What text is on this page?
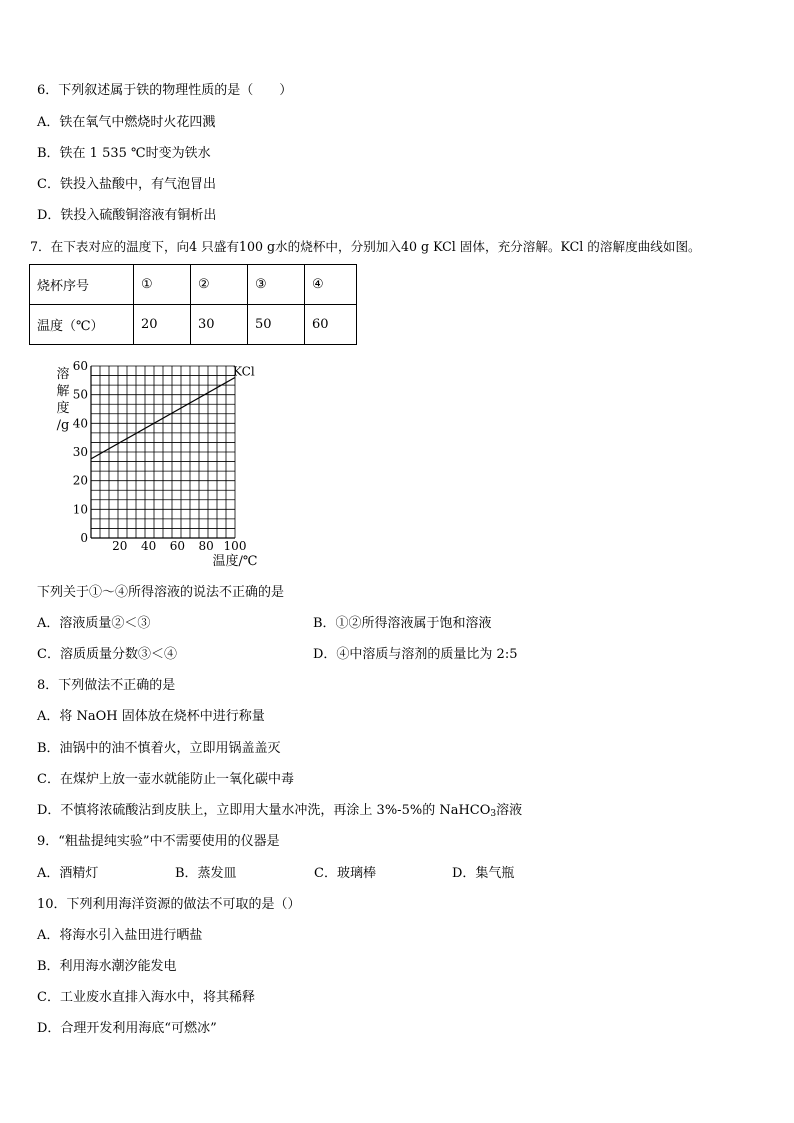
6．下列叙述属于铁的物理性质的是（　　）
A．铁在氧气中燃烧时火花四溅
B．铁在 1 535 ℃时变为铁水
C．铁投入盐酸中，有气泡冒出
D．铁投入硫酸铜溶液有铜析出
7．在下表对应的温度下，向4 只盛有100 g水的烧杯中，分别加入40 g KCl 固体，充分溶解。KCl 的溶解度曲线如图。
烧杯序号	①	②	③	④
温度（℃）	20	30	50	60
0
10
20
30
40
50
60
20 40 60 80 100
溶
解
度
/g
温度/℃
KCl
下列关于①～④所得溶液的说法不正确的是
A．溶液质量②＜③	B．①②所得溶液属于饱和溶液
C．溶质质量分数③＜④	D．④中溶质与溶剂的质量比为 2:5
8．下列做法不正确的是
A．将 NaOH 固体放在烧杯中进行称量
B．油锅中的油不慎着火，立即用锅盖盖灭
C．在煤炉上放一壶水就能防止一氧化碳中毒
D．不慎将浓硫酸沾到皮肤上，立即用大量水冲洗，再涂上 3%-5%的 NaHCO$_3$溶液
9．“粗盐提纯实验”中不需要使用的仪器是
A．酒精灯	B．蒸发皿	C．玻璃棒	D．集气瓶
10．下列利用海洋资源的做法不可取的是（）
A．将海水引入盐田进行晒盐
B．利用海水潮汐能发电
C．工业废水直排入海水中，将其稀释
D．合理开发利用海底“可燃冰”
